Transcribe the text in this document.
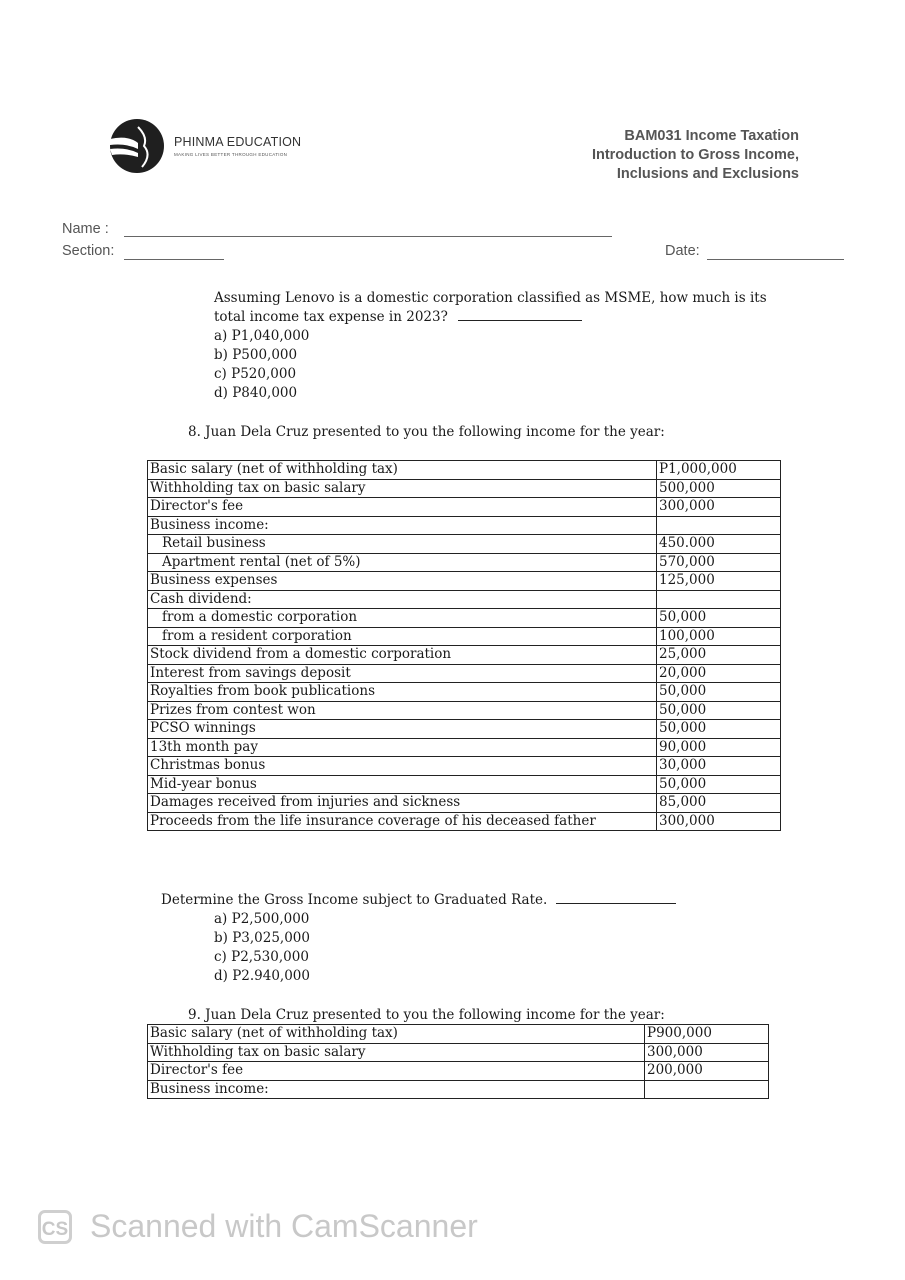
PHINMA EDUCATION
MAKING LIVES BETTER THROUGH EDUCATION
BAM031 Income Taxation
Introduction to Gross Income,
Inclusions and Exclusions
Name :
Section:	Date:
Assuming Lenovo is a domestic corporation classified as MSME, how much is its
total income tax expense in 2023?
a) P1,040,000
b) P500,000
c) P520,000
d) P840,000
8. Juan Dela Cruz presented to you the following income for the year:
Basic salary (net of withholding tax)	P1,000,000
Withholding tax on basic salary	500,000
Director's fee	300,000
Business income:	
Retail business	450.000
Apartment rental (net of 5%)	570,000
Business expenses	125,000
Cash dividend:	
from a domestic corporation	50,000
from a resident corporation	100,000
Stock dividend from a domestic corporation	25,000
Interest from savings deposit	20,000
Royalties from book publications	50,000
Prizes from contest won	50,000
PCSO winnings	50,000
13th month pay	90,000
Christmas bonus	30,000
Mid-year bonus	50,000
Damages received from injuries and sickness	85,000
Proceeds from the life insurance coverage of his deceased father	300,000
Determine the Gross Income subject to Graduated Rate.
a) P2,500,000
b) P3,025,000
c) P2,530,000
d) P2.940,000
9. Juan Dela Cruz presented to you the following income for the year:
Basic salary (net of withholding tax)	P900,000
Withholding tax on basic salary	300,000
Director's fee	200,000
Business income:	
CS Scanned with CamScanner
